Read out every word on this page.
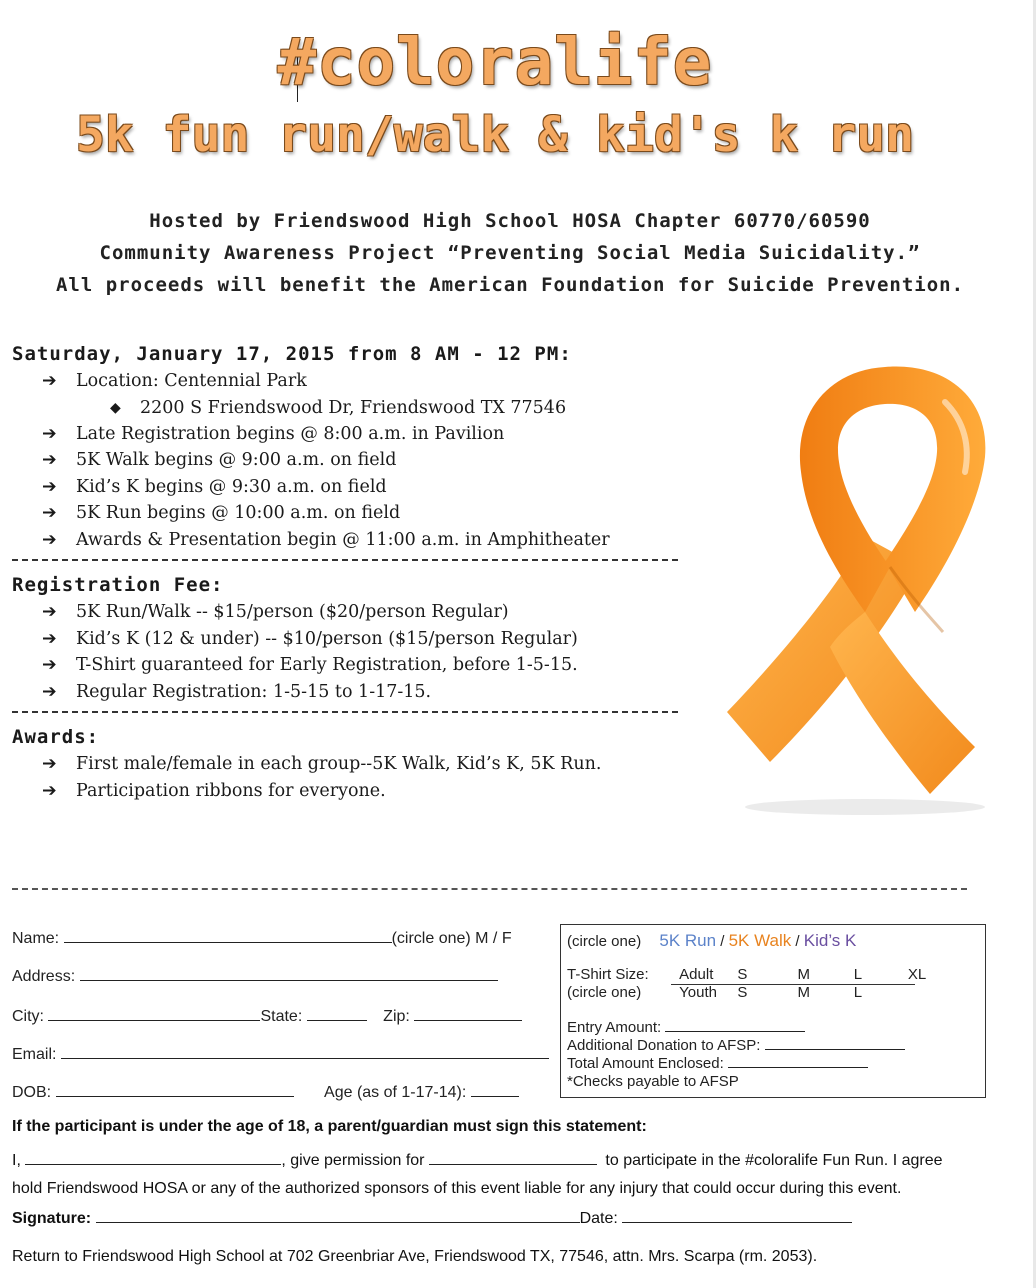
#coloralife
5k fun run/walk & kid's k run
Hosted by Friendswood High School HOSA Chapter 60770/60590
Community Awareness Project “Preventing Social Media Suicidality.”
All proceeds will benefit the American Foundation for Suicide Prevention.
Saturday, January 17, 2015 from 8 AM - 12 PM:
➔ Location: Centennial Park
◆ 2200 S Friendswood Dr, Friendswood TX 77546
➔ Late Registration begins @ 8:00 a.m. in Pavilion
➔ 5K Walk begins @ 9:00 a.m. on field
➔ Kid’s K begins @ 9:30 a.m. on field
➔ 5K Run begins @ 10:00 a.m. on field
➔ Awards & Presentation begin @ 11:00 a.m. in Amphitheater
Registration Fee:
➔ 5K Run/Walk -- $15/person ($20/person Regular)
➔ Kid’s K (12 & under) -- $10/person ($15/person Regular)
➔ T-Shirt guaranteed for Early Registration, before 1-5-15.
➔ Regular Registration: 1-5-15 to 1-17-15.
Awards:
➔ First male/female in each group--5K Walk, Kid’s K, 5K Run.
➔ Participation ribbons for everyone.
Name:	(circle one) M / F
Address:
City:	State:	Zip:
Email:
DOB:	Age (as of 1-17-14):
(circle one) 5K Run / 5K Walk / Kid’s K
T-Shirt Size: Adult S	M	L	XL
(circle one)	Youth S	M	L
Entry Amount:
Additional Donation to AFSP:
Total Amount Enclosed:
*Checks payable to AFSP
If the participant is under the age of 18, a parent/guardian must sign this statement:
I,	, give permission for	to participate in the #coloralife Fun Run. I agree
hold Friendswood HOSA or any of the authorized sponsors of this event liable for any injury that could occur during this event.
Signature:	Date:
Return to Friendswood High School at 702 Greenbriar Ave, Friendswood TX, 77546, attn. Mrs. Scarpa (rm. 2053).
